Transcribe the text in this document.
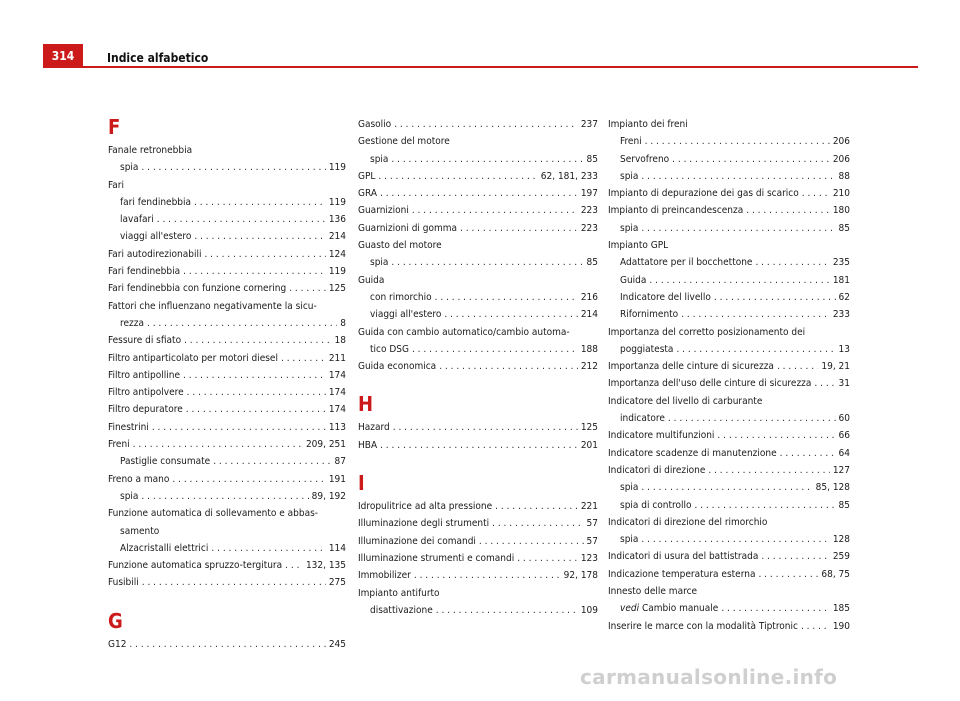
314	Indice alfabetico
F
Fanale retronebbia
spia . . .	119
Fari
fari fendinebbia . . .	119
lavafari . . .	136
viaggi all'estero . . .	214
Fari autodirezionabili . . .	124
Fari fendinebbia . . .	119
Fari fendinebbia con funzione cornering . . .	125
Fattori che influenzano negativamente la sicu-
rezza . . .	8
Fessure di sfiato . . .	18
Filtro antiparticolato per motori diesel . . .	211
Filtro antipolline . . .	174
Filtro antipolvere . . .	174
Filtro depuratore . . .	174
Finestrini . . .	113
Freni . . .	209, 251
Pastiglie consumate . . .	87
Freno a mano . . .	191
spia . . .	89, 192
Funzione automatica di sollevamento e abbas-
samento
Alzacristalli elettrici . . .	114
Funzione automatica spruzzo-tergitura . . . 132, 135
Fusibili . . .	275
G
G12 . . .	245
Gasolio . . .	237
Gestione del motore
spia . . .	85
GPL . . .	62, 181, 233
GRA . . .	197
Guarnizioni . . .	223
Guarnizioni di gomma . . .	223
Guasto del motore
spia . . .	85
Guida
con rimorchio . . .	216
viaggi all'estero . . .	214
Guida con cambio automatico/cambio automa-
tico DSG . . .	188
Guida economica . . .	212
H
Hazard . . .	125
HBA . . .	201
I
Idropulitrice ad alta pressione . . .	221
Illuminazione degli strumenti . . .	57
Illuminazione dei comandi . . .	57
Illuminazione strumenti e comandi . . .	123
Immobilizer . . .	92, 178
Impianto antifurto
disattivazione . . .	109
Impianto dei freni
Freni . . .	206
Servofreno . . .	206
spia . . .	88
Impianto di depurazione dei gas di scarico . . .	210
Impianto di preincandescenza . . .	180
spia . . .	85
Impianto GPL
Adattatore per il bocchettone . . .	235
Guida . . .	181
Indicatore del livello . . .	62
Rifornimento . . .	233
Importanza del corretto posizionamento dei
poggiatesta . . .	13
Importanza delle cinture di sicurezza . . .	19, 21
Importanza dell'uso delle cinture di sicurezza . . .	31
Indicatore del livello di carburante
indicatore . . .	60
Indicatore multifunzioni . . .	66
Indicatore scadenze di manutenzione . . .	64
Indicatori di direzione . . .	127
spia . . .	85, 128
spia di controllo . . .	85
Indicatori di direzione del rimorchio
spia . . .	128
Indicatori di usura del battistrada . . .	259
Indicazione temperatura esterna . . .	68, 75
Innesto delle marce
vedi Cambio manuale . . .	185
Inserire le marce con la modalità Tiptronic . . .	190
carmanualsonline.info
